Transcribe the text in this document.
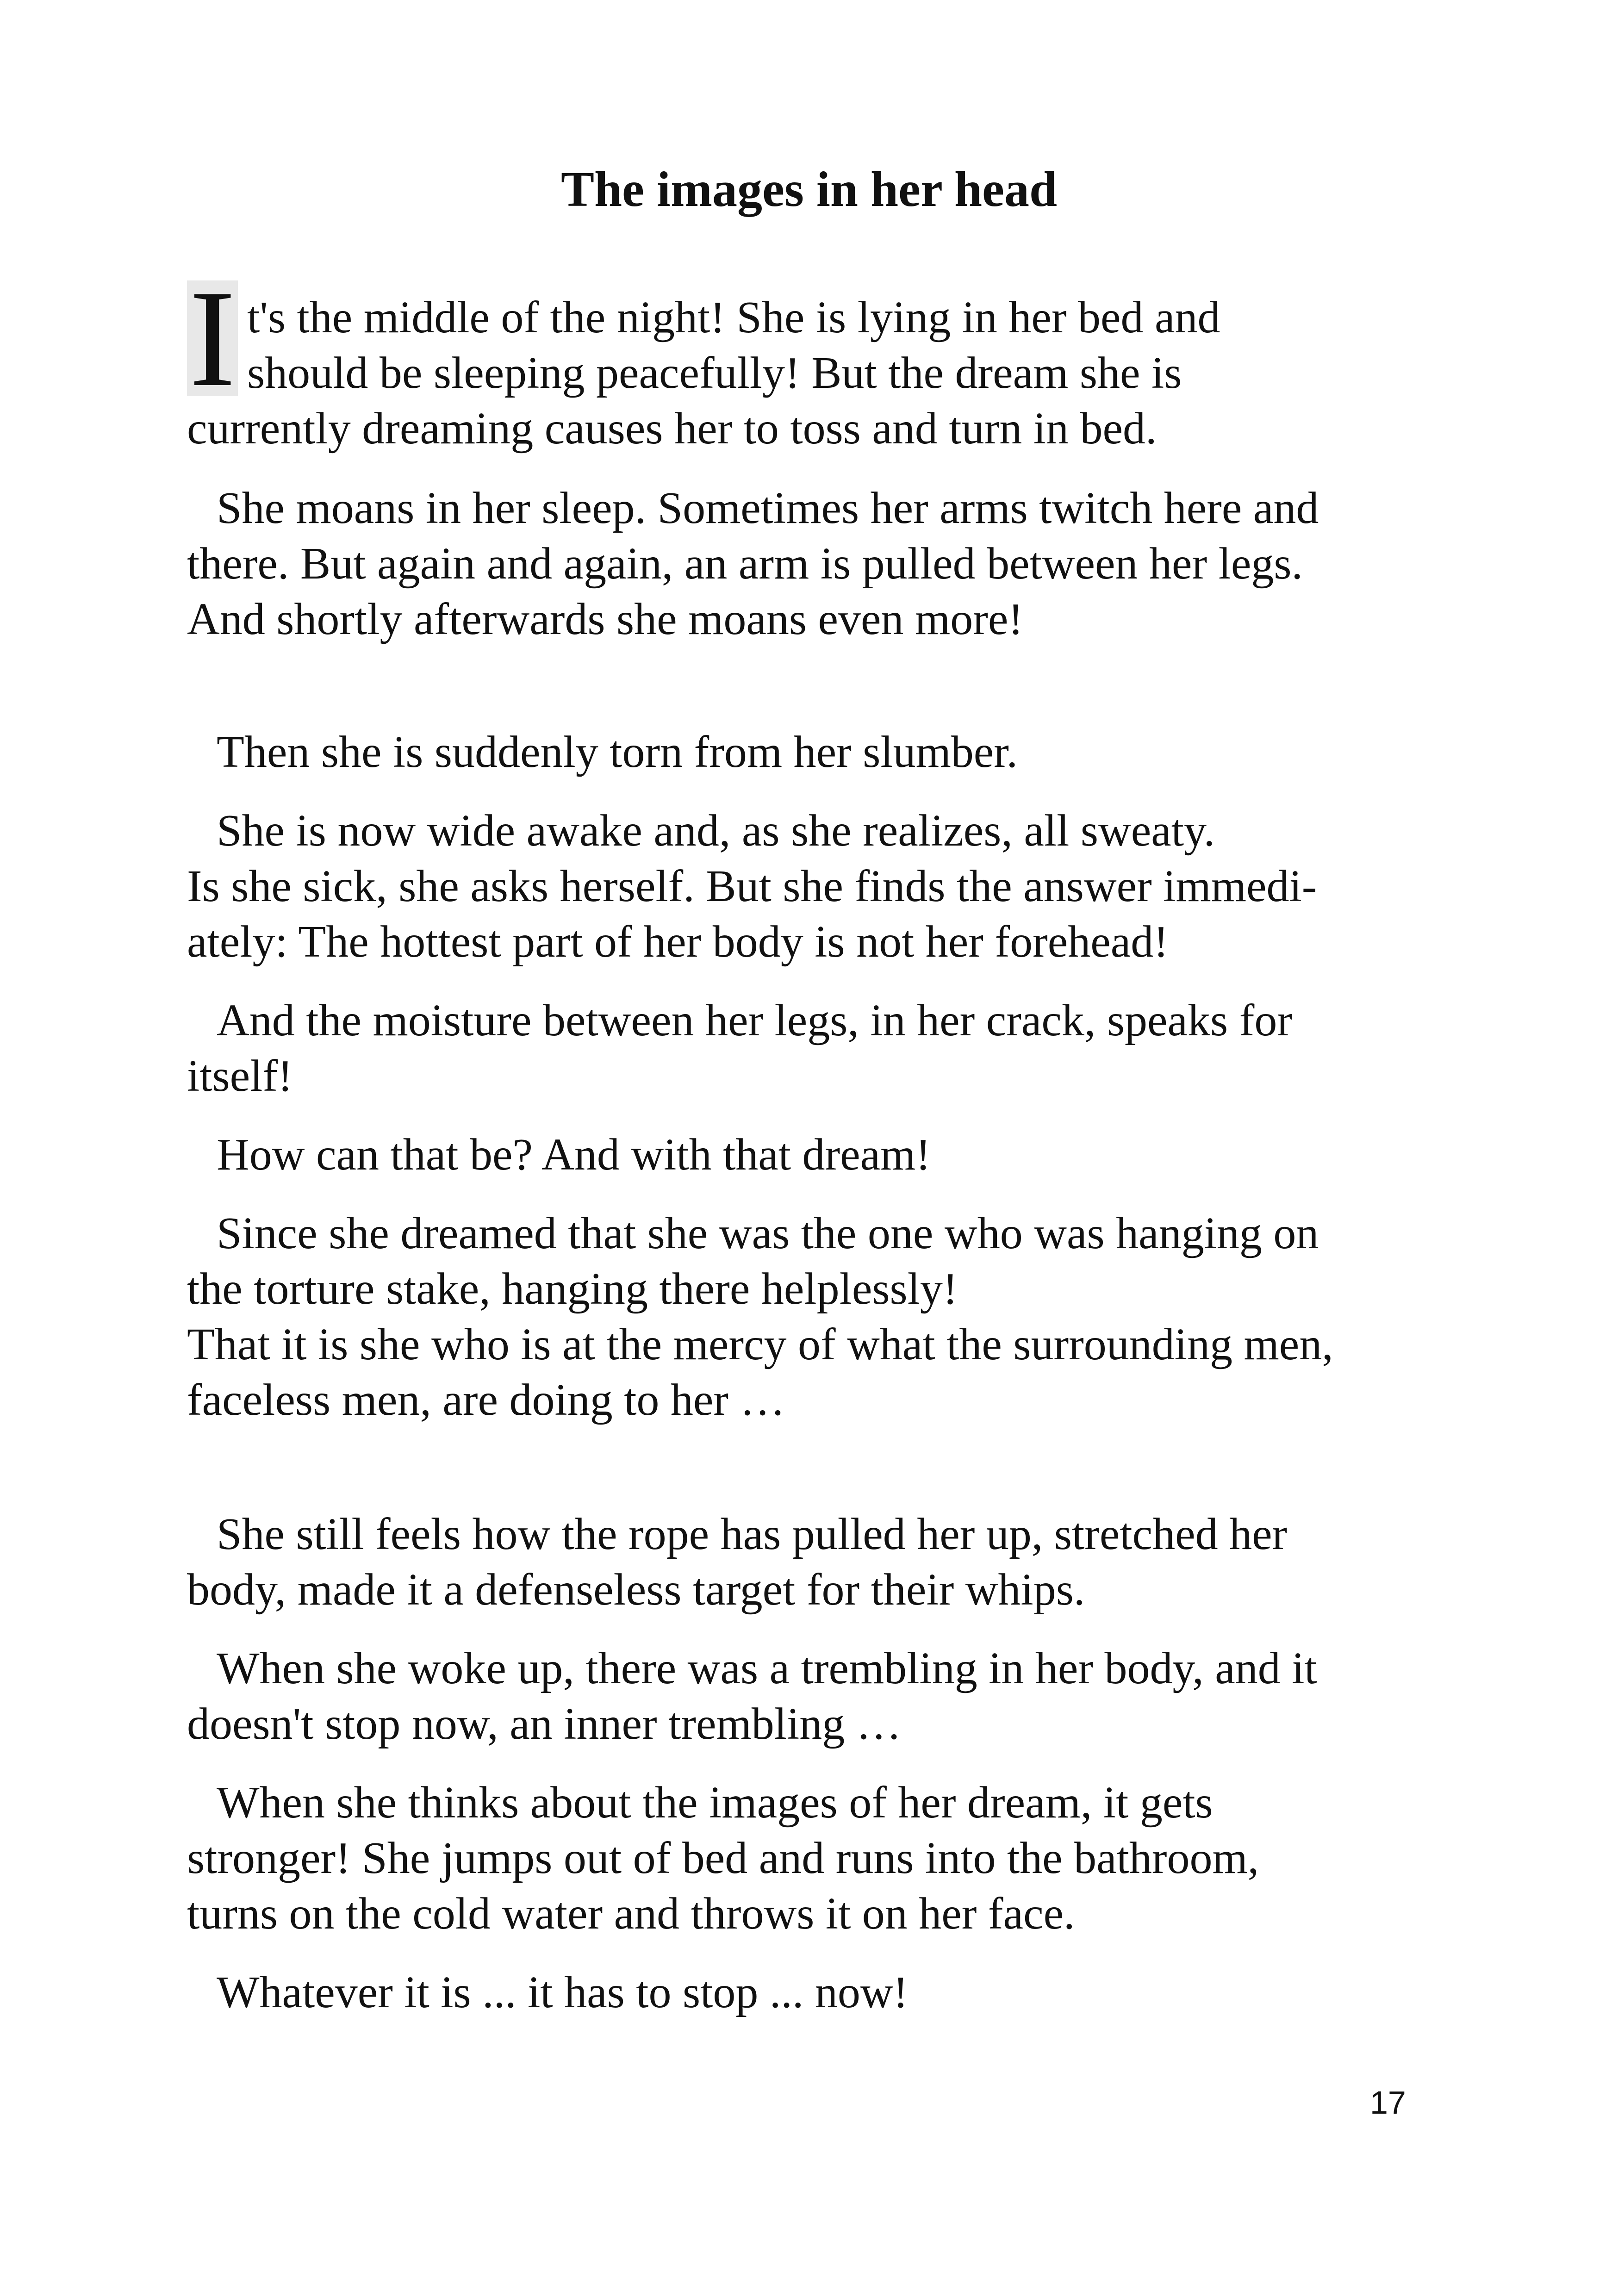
The images in her head
I t's the middle of the night! She is lying in her bed and

should be sleeping peacefully! But the dream she is

currently dreaming causes her to toss and turn in bed.

She moans in her sleep. Sometimes her arms twitch here and

there. But again and again, an arm is pulled between her legs.

And shortly afterwards she moans even more!

Then she is suddenly torn from her slumber.

She is now wide awake and, as she realizes, all sweaty.

Is she sick, she asks herself. But she finds the answer immedi-

ately: The hottest part of her body is not her forehead!

And the moisture between her legs, in her crack, speaks for

itself!

How can that be? And with that dream!

Since she dreamed that she was the one who was hanging on

the torture stake, hanging there helplessly!

That it is she who is at the mercy of what the surrounding men,

faceless men, are doing to her …

She still feels how the rope has pulled her up, stretched her

body, made it a defenseless target for their whips.

When she woke up, there was a trembling in her body, and it

doesn't stop now, an inner trembling …

When she thinks about the images of her dream, it gets

stronger! She jumps out of bed and runs into the bathroom,

turns on the cold water and throws it on her face.

Whatever it is ... it has to stop ... now!

17
